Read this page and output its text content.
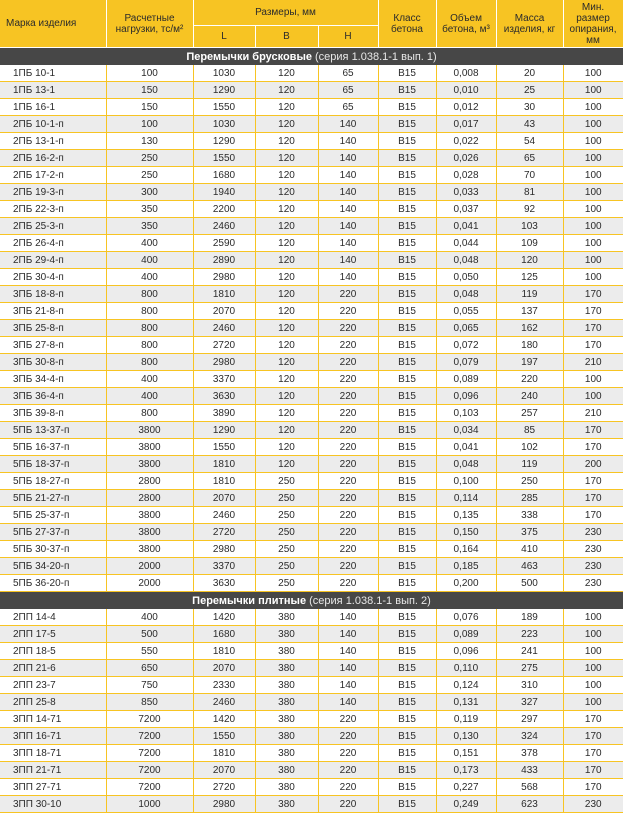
Марка изделия	Расчетные нагрузки, тс/м²	Размеры, мм			Класс бетона	Объем бетона, м³	Масса изделия, кг	Мин. размер опирания, мм
		L	B	H				
Перемычки брусковые (серия 1.038.1-1 вып. 1)								
1ПБ 10-1	100	1030	120	65	B15	0,008	20	100
1ПБ 13-1	150	1290	120	65	B15	0,010	25	100
1ПБ 16-1	150	1550	120	65	B15	0,012	30	100
2ПБ 10-1-п	100	1030	120	140	B15	0,017	43	100
2ПБ 13-1-п	130	1290	120	140	B15	0,022	54	100
2ПБ 16-2-п	250	1550	120	140	B15	0,026	65	100
2ПБ 17-2-п	250	1680	120	140	B15	0,028	70	100
2ПБ 19-3-п	300	1940	120	140	B15	0,033	81	100
2ПБ 22-3-п	350	2200	120	140	B15	0,037	92	100
2ПБ 25-3-п	350	2460	120	140	B15	0,041	103	100
2ПБ 26-4-п	400	2590	120	140	B15	0,044	109	100
2ПБ 29-4-п	400	2890	120	140	B15	0,048	120	100
2ПБ 30-4-п	400	2980	120	140	B15	0,050	125	100
3ПБ 18-8-п	800	1810	120	220	B15	0,048	119	170
3ПБ 21-8-п	800	2070	120	220	B15	0,055	137	170
3ПБ 25-8-п	800	2460	120	220	B15	0,065	162	170
3ПБ 27-8-п	800	2720	120	220	B15	0,072	180	170
3ПБ 30-8-п	800	2980	120	220	B15	0,079	197	210
3ПБ 34-4-п	400	3370	120	220	B15	0,089	220	100
3ПБ 36-4-п	400	3630	120	220	B15	0,096	240	100
3ПБ 39-8-п	800	3890	120	220	B15	0,103	257	210
5ПБ 13-37-п	3800	1290	120	220	B15	0,034	85	170
5ПБ 16-37-п	3800	1550	120	220	B15	0,041	102	170
5ПБ 18-37-п	3800	1810	120	220	B15	0,048	119	200
5ПБ 18-27-п	2800	1810	250	220	B15	0,100	250	170
5ПБ 21-27-п	2800	2070	250	220	B15	0,114	285	170
5ПБ 25-37-п	3800	2460	250	220	B15	0,135	338	170
5ПБ 27-37-п	3800	2720	250	220	B15	0,150	375	230
5ПБ 30-37-п	3800	2980	250	220	B15	0,164	410	230
5ПБ 34-20-п	2000	3370	250	220	B15	0,185	463	230
5ПБ 36-20-п	2000	3630	250	220	B15	0,200	500	230
Перемычки плитные (серия 1.038.1-1 вып. 2)								
2ПП 14-4	400	1420	380	140	B15	0,076	189	100
2ПП 17-5	500	1680	380	140	B15	0,089	223	100
2ПП 18-5	550	1810	380	140	B15	0,096	241	100
2ПП 21-6	650	2070	380	140	B15	0,110	275	100
2ПП 23-7	750	2330	380	140	B15	0,124	310	100
2ПП 25-8	850	2460	380	140	B15	0,131	327	100
3ПП 14-71	7200	1420	380	220	B15	0,119	297	170
3ПП 16-71	7200	1550	380	220	B15	0,130	324	170
3ПП 18-71	7200	1810	380	220	B15	0,151	378	170
3ПП 21-71	7200	2070	380	220	B15	0,173	433	170
3ПП 27-71	7200	2720	380	220	B15	0,227	568	170
3ПП 30-10	1000	2980	380	220	B15	0,249	623	230
